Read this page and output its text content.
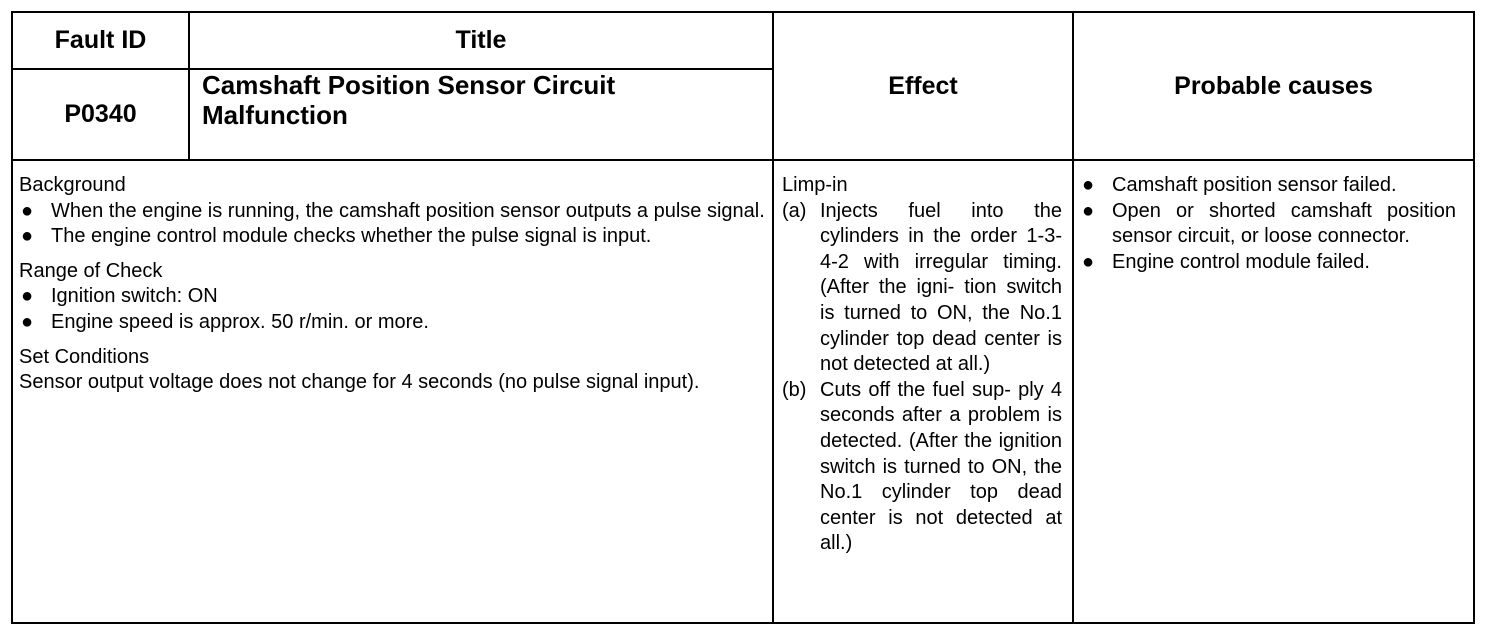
Fault ID	Title
Effect	Probable causes
P0340
Camshaft Position Sensor Circuit
Malfunction
Background
● When the engine is running, the camshaft position sensor outputs a pulse signal.
● The engine control module checks whether the pulse signal is input.
Range of Check
● Ignition switch: ON
● Engine speed is approx. 50 r/min. or more.
Set Conditions
Sensor output voltage does not change for 4 seconds (no pulse signal input).
Limp-in
(a) Injects fuel into the cylinders in the order 1-3-4-2 with irregular timing. (After the igni- tion switch is turned to ON, the No.1 cylinder top dead center is not detected at all.)
(b) Cuts off the fuel sup- ply 4 seconds after a problem is detected. (After the ignition switch is turned to ON, the No.1 cylinder top dead center is not detected at all.)
● Camshaft position sensor failed.
● Open or shorted camshaft position sensor circuit, or loose connector.
● Engine control module failed.
